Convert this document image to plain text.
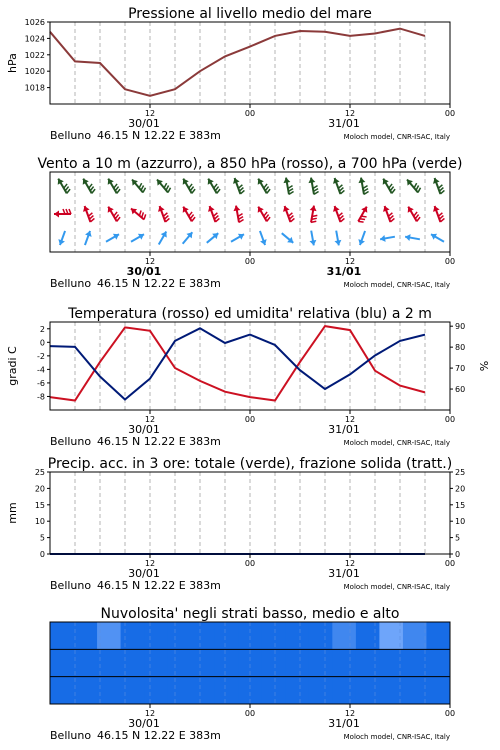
Pressione al livello medio del mare
1018
1020
1022
1024
1026
hPa
12	00	12	00
30/01	31/01
Belluno 46.15 N 12.22 E 383m	Moloch model, CNR-ISAC, Italy
Vento a 10 m (azzurro), a 850 hPa (rosso), a 700 hPa (verde)
12	00	12	00
30/01	31/01
Belluno 46.15 N 12.22 E 383m	Moloch model, CNR-ISAC, Italy
Temperatura (rosso) ed umidita' relativa (blu) a 2 m
-8
-6
-4
-2
0
2
60
70
80
90
gradi C	%
12	00	12	00
30/01	31/01
Belluno 46.15 N 12.22 E 383m	Moloch model, CNR-ISAC, Italy
Precip. acc. in 3 ore: totale (verde), frazione solida (tratt.)
0
5
10
15
20
25
0
5
10
15
20
25
mm
12	00	12	00
30/01	31/01
Belluno 46.15 N 12.22 E 383m	Moloch model, CNR-ISAC, Italy
Nuvolosita' negli strati basso, medio e alto
12	00	12	00
30/01	31/01
Belluno 46.15 N 12.22 E 383m	Moloch model, CNR-ISAC, Italy
